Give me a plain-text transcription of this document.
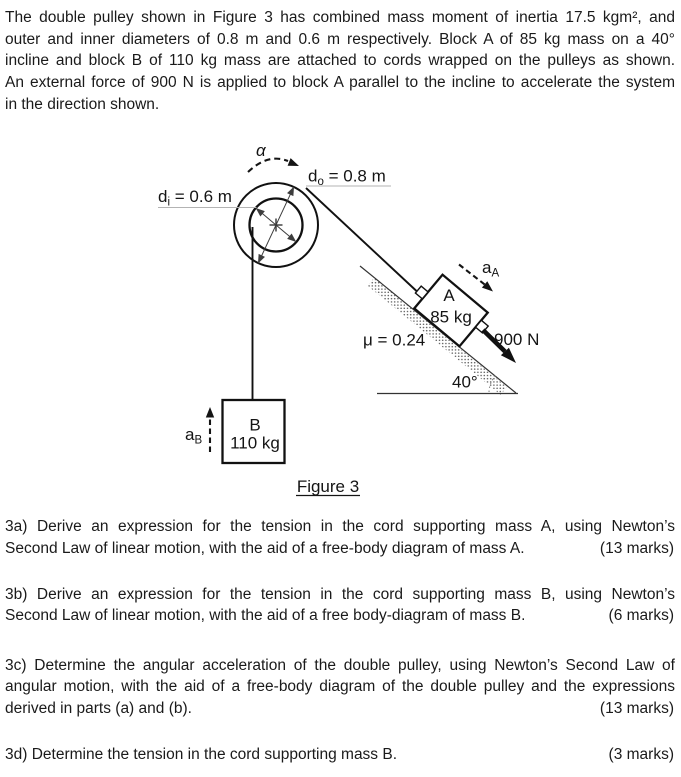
The double pulley shown in Figure 3 has combined mass moment of inertia 17.5 kgm², and
outer and inner diameters of 0.8 m and 0.6 m respectively. Block A of 85 kg mass on a 40°
incline and block B of 110 kg mass are attached to cords wrapped on the pulleys as shown.
An external force of 900 N is applied to block A parallel to the incline to accelerate the system
in the direction shown.
α
$d_o = 0.8$ m
$d_i = 0.6$ m
$a_A$
$a_B$
A
85 kg
B
110 kg
μ = 0.24	900 N
40°
Figure 3
3a) Derive an expression for the tension in the cord supporting mass A, using Newton’s
Second Law of linear motion, with the aid of a free-body diagram of mass A.	(13 marks)
3b) Derive an expression for the tension in the cord supporting mass B, using Newton’s
Second Law of linear motion, with the aid of a free body-diagram of mass B.	(6 marks)
3c) Determine the angular acceleration of the double pulley, using Newton’s Second Law of
angular motion, with the aid of a free-body diagram of the double pulley and the expressions
derived in parts (a) and (b).	(13 marks)
3d) Determine the tension in the cord supporting mass B.	(3 marks)
